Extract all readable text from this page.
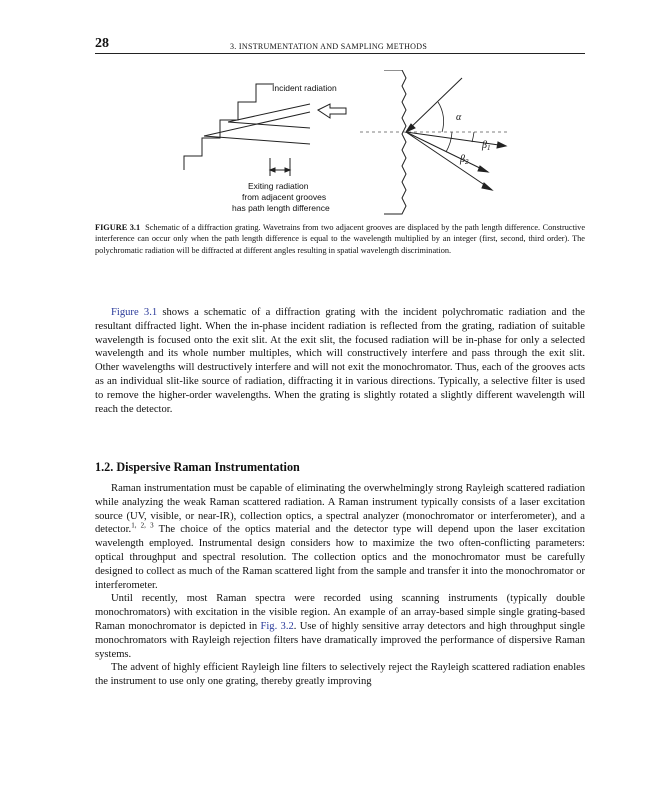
28	3. INSTRUMENTATION AND SAMPLING METHODS
Incident radiation
Exiting radiation
from adjacent grooves
has path length difference
α
$\beta_1$
$\beta_2$
FIGURE 3.1 Schematic of a diffraction grating. Wavetrains from two adjacent grooves are displaced by the path length difference. Constructive interference can occur only when the path length difference is equal to the wavelength multiplied by an integer (first, second, third order). The polychromatic radiation will be diffracted at different angles resulting in spatial wavelength discrimination.

Figure 3.1 shows a schematic of a diffraction grating with the incident polychromatic radiation and the resultant diffracted light. When the in-phase incident radiation is reflected from the grating, radiation of suitable wavelength is focused onto the exit slit. At the exit slit, the focused radiation will be in-phase for only a selected wavelength and its whole number multiples, which will constructively interfere and pass through the exit slit. Other wavelengths will destructively interfere and will not exit the monochromator. Thus, each of the grooves acts as an individual slit-like source of radiation, diffracting it in various directions. Typically, a selective filter is used to remove the higher-order wavelengths. When the grating is slightly rotated a slightly different wavelength will reach the detector.

1.2. Dispersive Raman Instrumentation

Raman instrumentation must be capable of eliminating the overwhelmingly strong Rayleigh scattered radiation while analyzing the weak Raman scattered radiation. A Raman instrument typically consists of a laser excitation source (UV, visible, or near-IR), collection optics, a spectral analyzer (monochromator or interferometer), and a detector.$^{1, 2, 3}$ The choice of the optics material and the detector type will depend upon the laser excitation wavelength employed. Instrumental design considers how to maximize the two often-conflicting parameters: optical throughput and spectral resolution. The collection optics and the monochromator must be carefully designed to collect as much of the Raman scattered light from the sample and transfer it into the monochromator or interferometer.

Until recently, most Raman spectra were recorded using scanning instruments (typically double monochromators) with excitation in the visible region. An example of an array-based simple single grating-based Raman monochromator is depicted in Fig. 3.2. Use of highly sensitive array detectors and high throughput single monochromators with Rayleigh rejection filters have dramatically improved the performance of dispersive Raman systems.

The advent of highly efficient Rayleigh line filters to selectively reject the Rayleigh scattered radiation enables the instrument to use only one grating, thereby greatly improving
